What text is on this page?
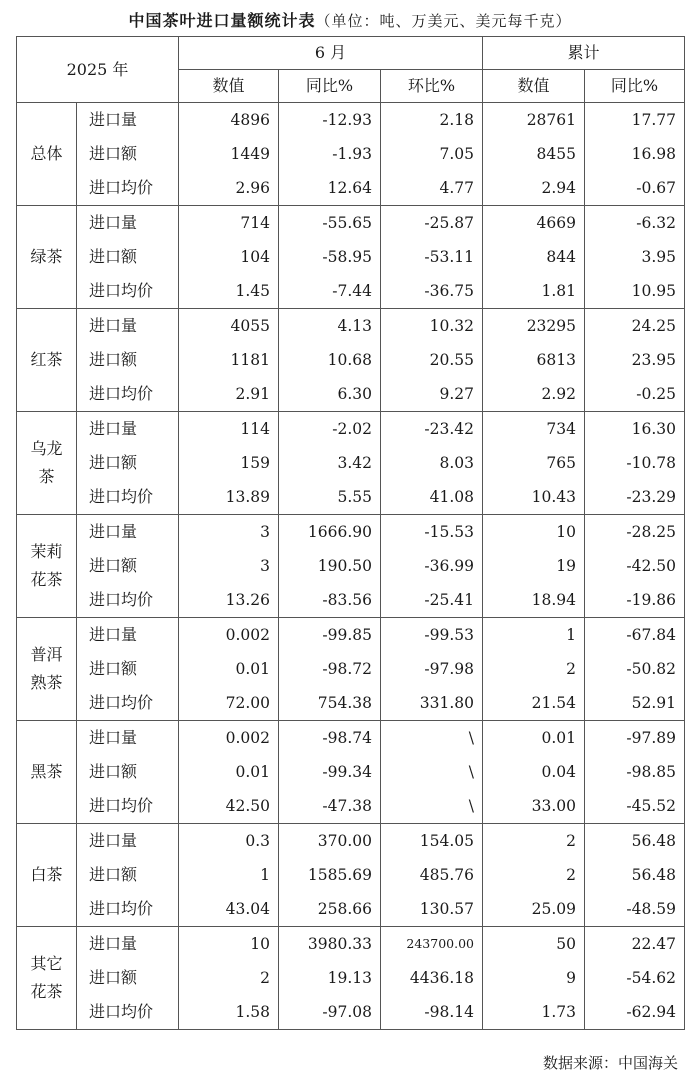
中国茶叶进口量额统计表（单位：吨、万美元、美元每千克）
2025 年		6 月			累计	
		数值	同比%	环比%	数值	同比%
总体	进口量	4896	-12.93	2.18	28761	17.77
	进口额	1449	-1.93	7.05	8455	16.98
	进口均价	2.96	12.64	4.77	2.94	-0.67
绿茶	进口量	714	-55.65	-25.87	4669	-6.32
	进口额	104	-58.95	-53.11	844	3.95
	进口均价	1.45	-7.44	-36.75	1.81	10.95
红茶	进口量	4055	4.13	10.32	23295	24.25
	进口额	1181	10.68	20.55	6813	23.95
	进口均价	2.91	6.30	9.27	2.92	-0.25
乌龙茶	进口量	114	-2.02	-23.42	734	16.30
	进口额	159	3.42	8.03	765	-10.78
	进口均价	13.89	5.55	41.08	10.43	-23.29
茉莉花茶	进口量	3	1666.90	-15.53	10	-28.25
	进口额	3	190.50	-36.99	19	-42.50
	进口均价	13.26	-83.56	-25.41	18.94	-19.86
普洱熟茶	进口量	0.002	-99.85	-99.53	1	-67.84
	进口额	0.01	-98.72	-97.98	2	-50.82
	进口均价	72.00	754.38	331.80	21.54	52.91
黑茶	进口量	0.002	-98.74	\	0.01	-97.89
	进口额	0.01	-99.34	\	0.04	-98.85
	进口均价	42.50	-47.38	\	33.00	-45.52
白茶	进口量	0.3	370.00	154.05	2	56.48
	进口额	1	1585.69	485.76	2	56.48
	进口均价	43.04	258.66	130.57	25.09	-48.59
其它花茶	进口量	10	3980.33	243700.00	50	22.47
	进口额	2	19.13	4436.18	9	-54.62
	进口均价	1.58	-97.08	-98.14	1.73	-62.94
数据来源：中国海关
